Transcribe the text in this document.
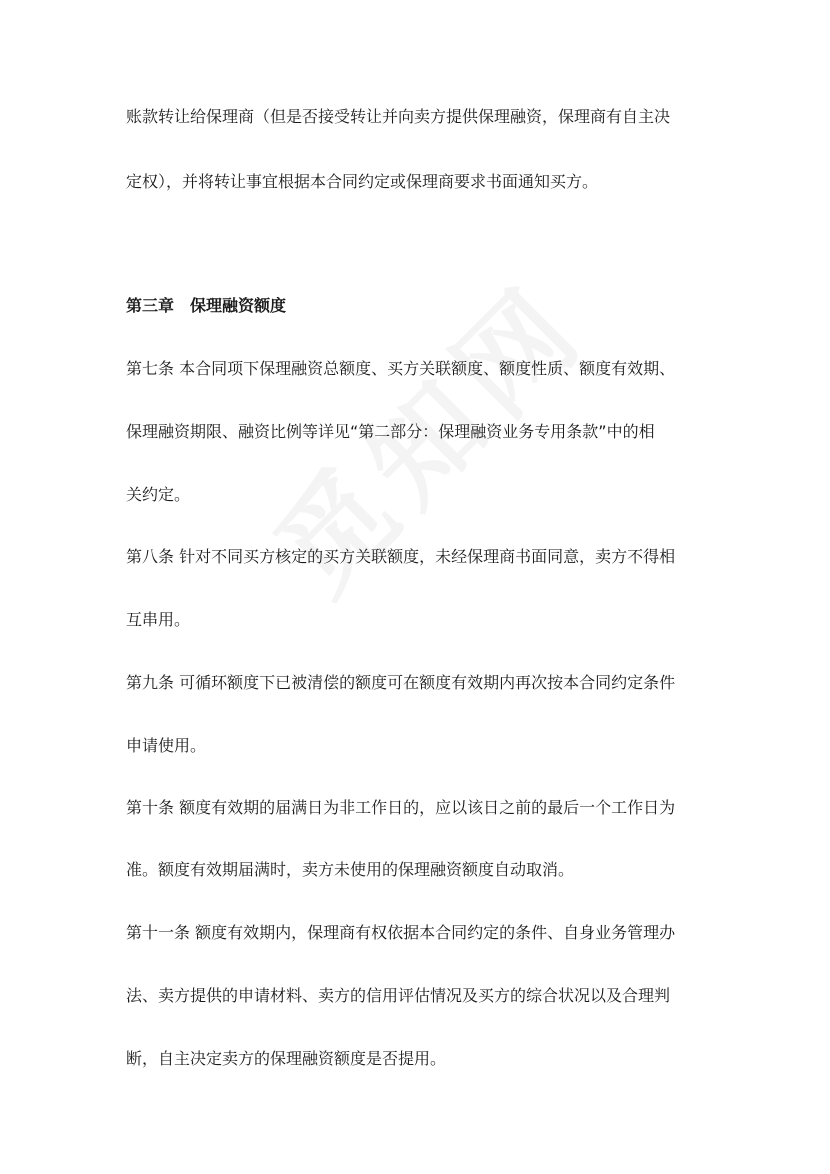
账款转让给保理商（但是否接受转让并向卖方提供保理融资，保理商有自主决

定权），并将转让事宜根据本合同约定或保理商要求书面通知买方。

第三章　保理融资额度

第七条 本合同项下保理融资总额度、买方关联额度、额度性质、额度有效期、

保理融资期限、融资比例等详见“第二部分：保理融资业务专用条款”中的相

关约定。

第八条 针对不同买方核定的买方关联额度，未经保理商书面同意，卖方不得相

互串用。

第九条 可循环额度下已被清偿的额度可在额度有效期内再次按本合同约定条件

申请使用。

第十条 额度有效期的届满日为非工作日的，应以该日之前的最后一个工作日为

准。额度有效期届满时，卖方未使用的保理融资额度自动取消。

第十一条 额度有效期内，保理商有权依据本合同约定的条件、自身业务管理办

法、卖方提供的申请材料、卖方的信用评估情况及买方的综合状况以及合理判

断，自主决定卖方的保理融资额度是否提用。
